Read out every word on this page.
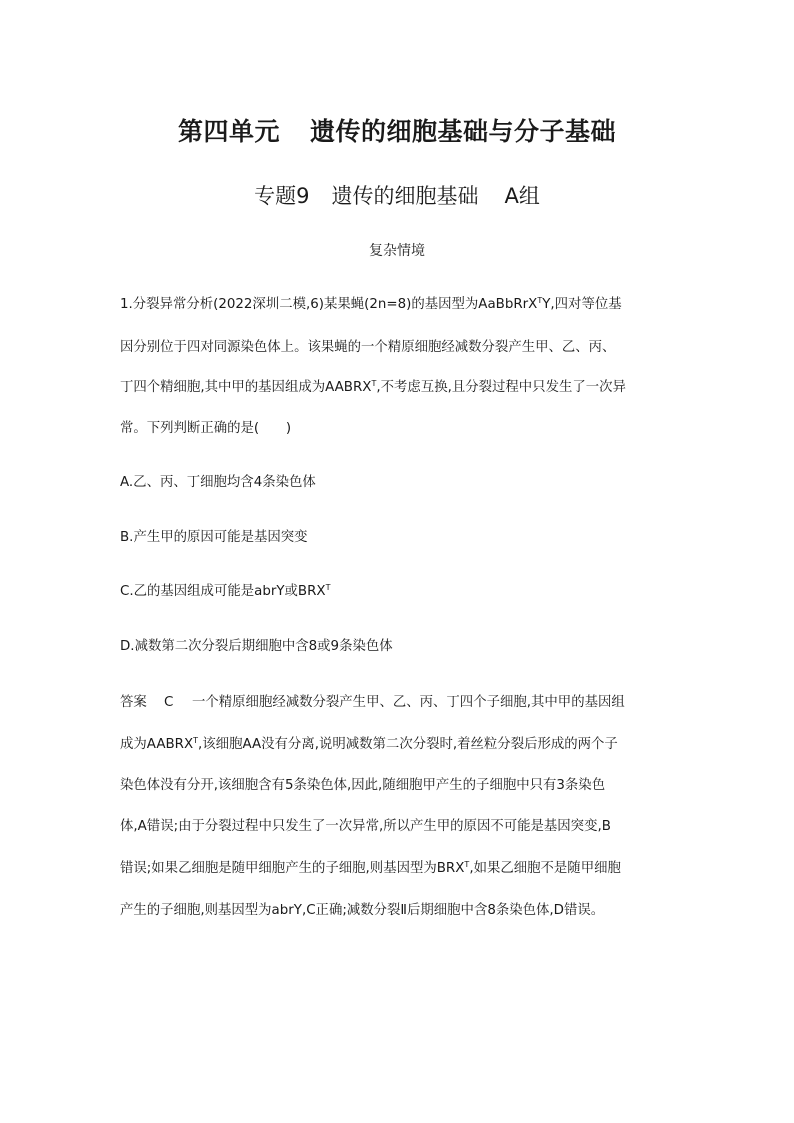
第四单元 遗传的细胞基础与分子基础
专题9 遗传的细胞基础 A组
复杂情境
1.分裂异常分析(2022深圳二模,6)某果蝇(2n=8)的基因型为AaBbRrX$^T$Y,四对等位基
因分别位于四对同源染色体上。该果蝇的一个精原细胞经减数分裂产生甲、乙、丙、
丁四个精细胞,其中甲的基因组成为$AABRX^T$,不考虑互换,且分裂过程中只发生了一次异
常。下列判断正确的是(　　)
A.乙、丙、丁细胞均含4条染色体
B.产生甲的原因可能是基因突变
C.乙的基因组成可能是abrY或$BRX^T$
D.减数第二次分裂后期细胞中含8或9条染色体
答案 C 一个精原细胞经减数分裂产生甲、乙、丙、丁四个子细胞,其中甲的基因组
成为$AABRX^T$,该细胞AA没有分离,说明减数第二次分裂时,着丝粒分裂后形成的两个子
染色体没有分开,该细胞含有5条染色体,因此,随细胞甲产生的子细胞中只有3条染色
体,A错误;由于分裂过程中只发生了一次异常,所以产生甲的原因不可能是基因突变,B
错误;如果乙细胞是随甲细胞产生的子细胞,则基因型为$BRX^T$,如果乙细胞不是随甲细胞
产生的子细胞,则基因型为abrY,C正确;减数分裂Ⅱ后期细胞中含8条染色体,D错误。
